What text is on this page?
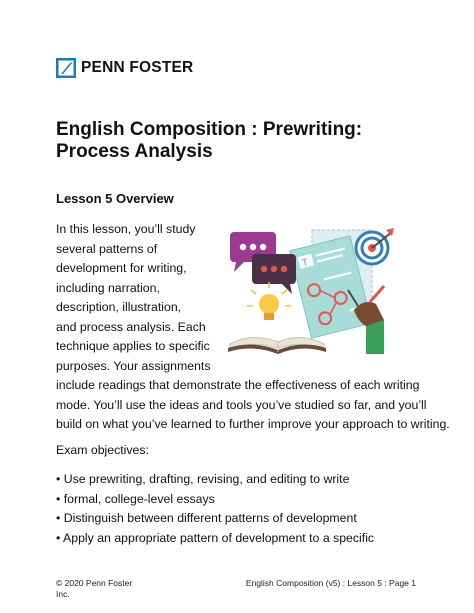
PENN FOSTER
English Composition : Prewriting: Process Analysis
Lesson 5 Overview
In this lesson, you’ll study
several patterns of
development for writing,
including narration,
description, illustration,
and process analysis. Each
technique applies to specific
purposes. Your assignments
include readings that demonstrate the effectiveness of each writing
mode. You’ll use the ideas and tools you’ve studied so far, and you’ll
build on what you’ve learned to further improve your approach to writing.
T
Exam objectives:
• Use prewriting, drafting, revising, and editing to write
• formal, college-level essays
• Distinguish between different patterns of development
• Apply an appropriate pattern of development to a specific
© 2020 Penn Foster Inc.
English Composition (v5) : Lesson 5 : Page 1
